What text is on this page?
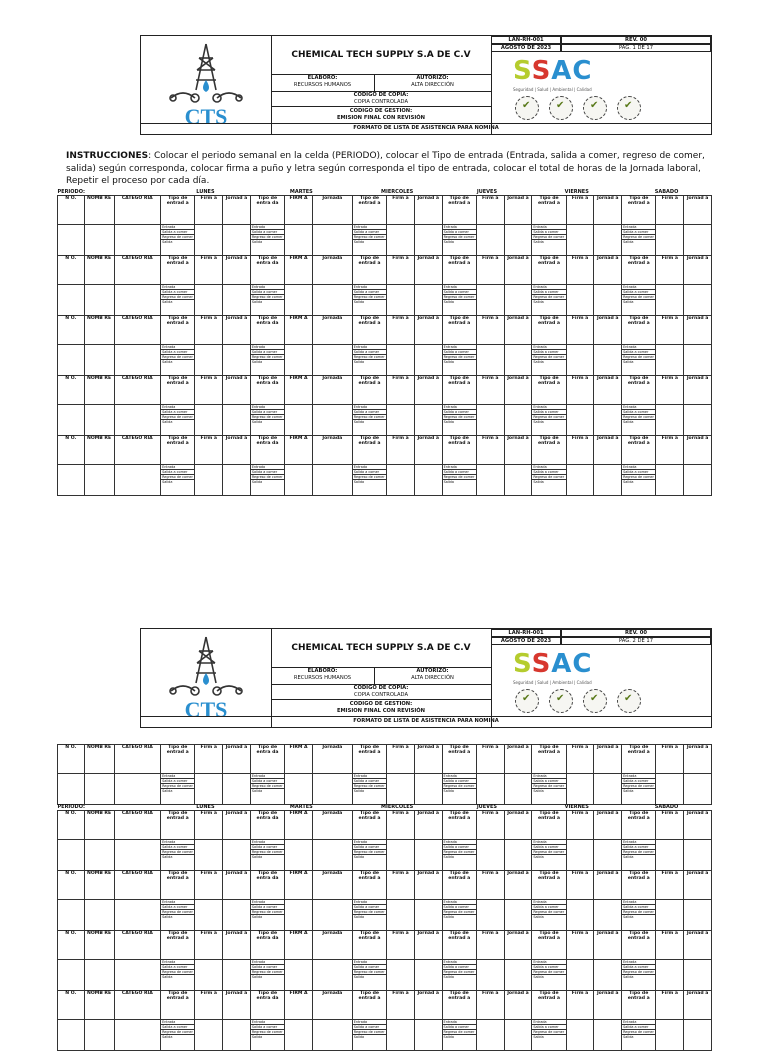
CTS
CHEMICAL TECH SUPPLY S.A DE C.V
ELABORO:
RECURSOS HUMANOS
AUTORIZO:
ALTA DIRECCIÓN
CODIGO DE COPIA:
COPIA CONTROLADA
CODIGO DE GESTION:
EMISION FINAL CON REVISIÓN
LAN-RH-001	REV. 00
AGOSTO DE 2023	PAG. 1 DE 17
SSAC
Seguridad | Salud | Ambiental | Calidad
✔
✔
✔
✔
FORMATO DE LISTA DE ASISTENCIA PARA NOMINA
INSTRUCCIONES: Colocar el periodo semanal en la celda (PERIODO), colocar el Tipo de entrada (Entrada, salida a comer, regreso de comer, salida) según corresponda, colocar firma a puño y letra según corresponda el tipo de entrada, colocar el total de horas de la Jornada laboral, Repetir el proceso por cada día.
PERIODO:			LUNES			MARTES			MIERCOLES			JUEVES			VIERNES			SABADO		
N O.	NOMB RE	CATEGO RIA	Tipo de entrad a	Firm a	Jornad a	Tipo de entra da	FIRM A	Jornada	Tipo de entrad a	Firm a	Jornad a	Tipo de entrad a	Firm a	Jornad a	Tipo de entrad a	Firm a	Jornad a	Tipo de entrad a	Firm a	Jornad a

			Entrada
Salida a comer
Regreso de comer
Salida			Entrada
Salida a comer
Regreso de comer
Salida			Entrada
Salida a comer
Regreso de comer
Salida			Entrada
Salida a comer
Regreso de comer
Salida			Entrada
Salida a comer
Regreso de comer
Salida			Entrada
Salida a comer
Regreso de comer
Salida		

N O.	NOMB RE	CATEGO RIA	Tipo de entrad a	Firm a	Jornad a	Tipo de entra da	FIRM A	Jornada	Tipo de entrad a	Firm a	Jornad a	Tipo de entrad a	Firm a	Jornad a	Tipo de entrad a	Firm a	Jornad a	Tipo de entrad a	Firm a	Jornad a

			Entrada
Salida a comer
Regreso de comer
Salida			Entrada
Salida a comer
Regreso de comer
Salida			Entrada
Salida a comer
Regreso de comer
Salida			Entrada
Salida a comer
Regreso de comer
Salida			Entrada
Salida a comer
Regreso de comer
Salida			Entrada
Salida a comer
Regreso de comer
Salida		

N O.	NOMB RE	CATEGO RIA	Tipo de entrad a	Firm a	Jornad a	Tipo de entra da	FIRM A	Jornada	Tipo de entrad a	Firm a	Jornad a	Tipo de entrad a	Firm a	Jornad a	Tipo de entrad a	Firm a	Jornad a	Tipo de entrad a	Firm a	Jornad a

			Entrada
Salida a comer
Regreso de comer
Salida			Entrada
Salida a comer
Regreso de comer
Salida			Entrada
Salida a comer
Regreso de comer
Salida			Entrada
Salida a comer
Regreso de comer
Salida			Entrada
Salida a comer
Regreso de comer
Salida			Entrada
Salida a comer
Regreso de comer
Salida		

N O.	NOMB RE	CATEGO RIA	Tipo de entrad a	Firm a	Jornad a	Tipo de entra da	FIRM A	Jornada	Tipo de entrad a	Firm a	Jornad a	Tipo de entrad a	Firm a	Jornad a	Tipo de entrad a	Firm a	Jornad a	Tipo de entrad a	Firm a	Jornad a

			Entrada
Salida a comer
Regreso de comer
Salida			Entrada
Salida a comer
Regreso de comer
Salida			Entrada
Salida a comer
Regreso de comer
Salida			Entrada
Salida a comer
Regreso de comer
Salida			Entrada
Salida a comer
Regreso de comer
Salida			Entrada
Salida a comer
Regreso de comer
Salida		

N O.	NOMB RE	CATEGO RIA	Tipo de entrad a	Firm a	Jornad a	Tipo de entra da	FIRM A	Jornada	Tipo de entrad a	Firm a	Jornad a	Tipo de entrad a	Firm a	Jornad a	Tipo de entrad a	Firm a	Jornad a	Tipo de entrad a	Firm a	Jornad a

			Entrada
Salida a comer
Regreso de comer
Salida			Entrada
Salida a comer
Regreso de comer
Salida			Entrada
Salida a comer
Regreso de comer
Salida			Entrada
Salida a comer
Regreso de comer
Salida			Entrada
Salida a comer
Regreso de comer
Salida			Entrada
Salida a comer
Regreso de comer
Salida		

CTS
CHEMICAL TECH SUPPLY S.A DE C.V
ELABORO:
RECURSOS HUMANOS
AUTORIZO:
ALTA DIRECCIÓN
CODIGO DE COPIA:
COPIA CONTROLADA
CODIGO DE GESTION:
EMISION FINAL CON REVISIÓN
LAN-RH-001	REV. 00
AGOSTO DE 2023	PAG. 2 DE 17
SSAC
Seguridad | Salud | Ambiental | Calidad
✔
✔
✔
✔
FORMATO DE LISTA DE ASISTENCIA PARA NOMINA
N O.	NOMB RE	CATEGO RIA	Tipo de entrad a	Firm a	Jornad a	Tipo de entra da	FIRM A	Jornada	Tipo de entrad a	Firm a	Jornad a	Tipo de entrad a	Firm a	Jornad a	Tipo de entrad a	Firm a	Jornad a	Tipo de entrad a	Firm a	Jornad a

			Entrada
Salida a comer
Regreso de comer
Salida			Entrada
Salida a comer
Regreso de comer
Salida			Entrada
Salida a comer
Regreso de comer
Salida			Entrada
Salida a comer
Regreso de comer
Salida			Entrada
Salida a comer
Regreso de comer
Salida			Entrada
Salida a comer
Regreso de comer
Salida		

PERIODO:			LUNES			MARTES			MIERCOLES			JUEVES			VIERNES			SABADO		
N O.	NOMB RE	CATEGO RIA	Tipo de entrad a	Firm a	Jornad a	Tipo de entra da	FIRM A	Jornada	Tipo de entrad a	Firm a	Jornad a	Tipo de entrad a	Firm a	Jornad a	Tipo de entrad a	Firm a	Jornad a	Tipo de entrad a	Firm a	Jornad a

			Entrada
Salida a comer
Regreso de comer
Salida			Entrada
Salida a comer
Regreso de comer
Salida			Entrada
Salida a comer
Regreso de comer
Salida			Entrada
Salida a comer
Regreso de comer
Salida			Entrada
Salida a comer
Regreso de comer
Salida			Entrada
Salida a comer
Regreso de comer
Salida		

N O.	NOMB RE	CATEGO RIA	Tipo de entrad a	Firm a	Jornad a	Tipo de entra da	FIRM A	Jornada	Tipo de entrad a	Firm a	Jornad a	Tipo de entrad a	Firm a	Jornad a	Tipo de entrad a	Firm a	Jornad a	Tipo de entrad a	Firm a	Jornad a

			Entrada
Salida a comer
Regreso de comer
Salida			Entrada
Salida a comer
Regreso de comer
Salida			Entrada
Salida a comer
Regreso de comer
Salida			Entrada
Salida a comer
Regreso de comer
Salida			Entrada
Salida a comer
Regreso de comer
Salida			Entrada
Salida a comer
Regreso de comer
Salida		

N O.	NOMB RE	CATEGO RIA	Tipo de entrad a	Firm a	Jornad a	Tipo de entra da	FIRM A	Jornada	Tipo de entrad a	Firm a	Jornad a	Tipo de entrad a	Firm a	Jornad a	Tipo de entrad a	Firm a	Jornad a	Tipo de entrad a	Firm a	Jornad a

			Entrada
Salida a comer
Regreso de comer
Salida			Entrada
Salida a comer
Regreso de comer
Salida			Entrada
Salida a comer
Regreso de comer
Salida			Entrada
Salida a comer
Regreso de comer
Salida			Entrada
Salida a comer
Regreso de comer
Salida			Entrada
Salida a comer
Regreso de comer
Salida		

N O.	NOMB RE	CATEGO RIA	Tipo de entrad a	Firm a	Jornad a	Tipo de entra da	FIRM A	Jornada	Tipo de entrad a	Firm a	Jornad a	Tipo de entrad a	Firm a	Jornad a	Tipo de entrad a	Firm a	Jornad a	Tipo de entrad a	Firm a	Jornad a

			Entrada
Salida a comer
Regreso de comer
Salida			Entrada
Salida a comer
Regreso de comer
Salida			Entrada
Salida a comer
Regreso de comer
Salida			Entrada
Salida a comer
Regreso de comer
Salida			Entrada
Salida a comer
Regreso de comer
Salida			Entrada
Salida a comer
Regreso de comer
Salida		
